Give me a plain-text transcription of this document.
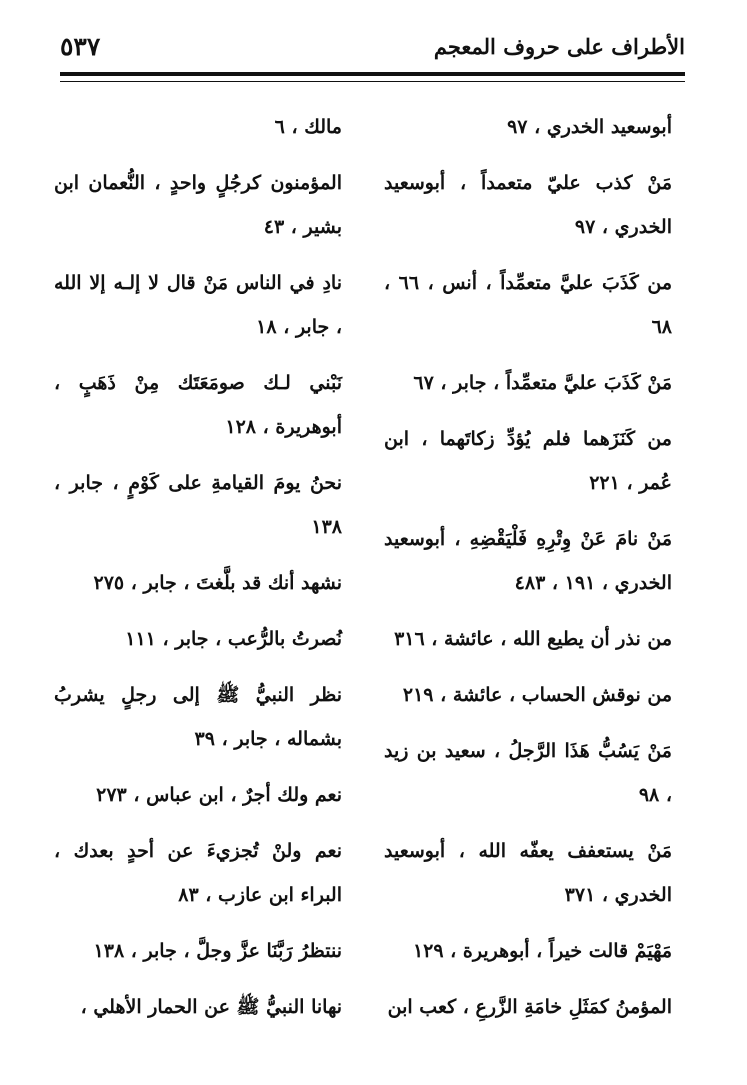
٥٣٧	الأطراف على حروف المعجم
أبوسعيد الخدري ، ٩٧
مَنْ كذب عليّ متعمداً ، أبوسعيد الخدري ، ٩٧
من كَذَبَ عليَّ متعمِّداً ، أنس ، ٦٦ ، ٦٨
مَنْ كَذَبَ عليَّ متعمِّداً ، جابر ، ٦٧
من كَنَزَهما فلم يُؤدِّ زكاتَهما ، ابن عُمر ، ٢٢١
مَنْ نامَ عَنْ وِتْرِهِ فَلْيَقْضِهِ ، أبوسعيد الخدري ، ١٩١ ، ٤٨٣
من نذر أن يطيع الله ، عائشة ، ٣١٦
من نوقش الحساب ، عائشة ، ٢١٩
مَنْ يَسُبُّ هَذَا الرَّجلُ ، سعيد بن زيد ، ٩٨
مَنْ يستعفف يعفّه الله ، أبوسعيد الخدري ، ٣٧١
مَهْيَمْ قالت خيراً ، أبوهريرة ، ١٢٩
المؤمنُ كمَثَلِ خامَةِ الزَّرعِ ، كعب ابن
مالك ، ٦
المؤمنون كرجُلٍ واحدٍ ، النُّعمان ابن بشير ، ٤٣
نادِ في الناس مَنْ قال لا إلـه إلا الله ، جابر ، ١٨
نَبْني لـك صومَعَتَك مِنْ ذَهَبٍ ، أبوهريرة ، ١٢٨
نحنُ يومَ القيامةِ على كَوْمٍ ، جابر ، ١٣٨
نشهد أنك قد بلَّغتَ ، جابر ، ٢٧٥
نُصرتُ بالرُّعب ، جابر ، ١١١
نظر النبيُّ ﷺ إلى رجلٍ يشربُ بشماله ، جابر ، ٣٩
نعم ولك أجرٌ ، ابن عباس ، ٢٧٣
نعم ولنْ تُجزيءَ عن أحدٍ بعدك ، البراء ابن عازب ، ٨٣
ننتظرُ رَبَّنَا عزَّ وجلَّ ، جابر ، ١٣٨
نهانا النبيُّ ﷺ عن الحمار الأهلي ،
